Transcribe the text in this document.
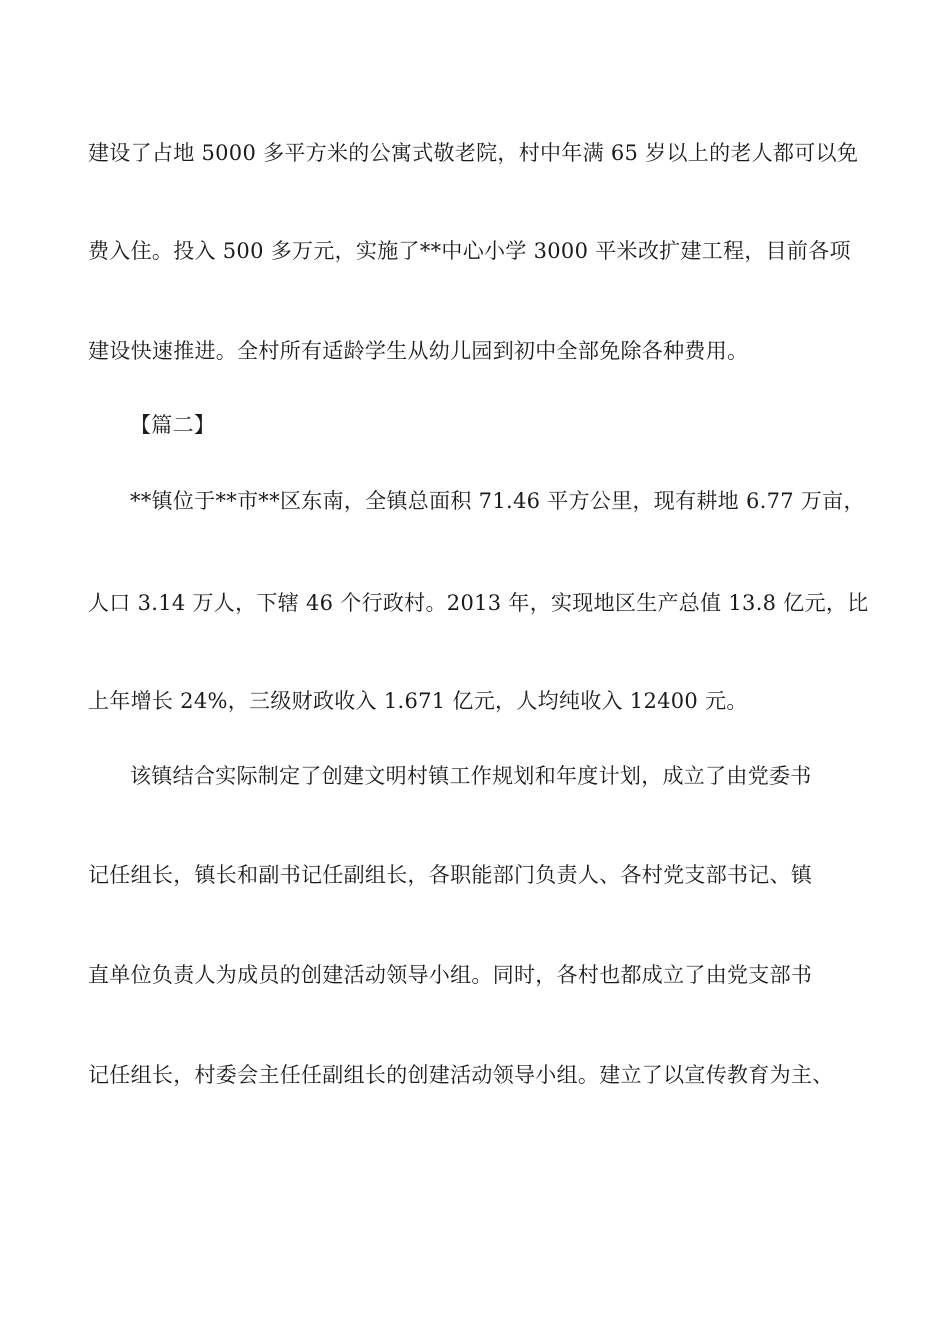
建设了占地 5000 多平方米的公寓式敬老院，村中年满 65 岁以上的老人都可以免
费入住。投入 500 多万元，实施了**中心小学 3000 平米改扩建工程，目前各项
建设快速推进。全村所有适龄学生从幼儿园到初中全部免除各种费用。
【篇二】
**镇位于**市**区东南，全镇总面积 71.46 平方公里，现有耕地 6.77 万亩，
人口 3.14 万人，下辖 46 个行政村。2013 年，实现地区生产总值 13.8 亿元，比
上年增长 24%，三级财政收入 1.671 亿元，人均纯收入 12400 元。
该镇结合实际制定了创建文明村镇工作规划和年度计划，成立了由党委书
记任组长，镇长和副书记任副组长，各职能部门负责人、各村党支部书记、镇
直单位负责人为成员的创建活动领导小组。同时，各村也都成立了由党支部书
记任组长，村委会主任任副组长的创建活动领导小组。建立了以宣传教育为主、
